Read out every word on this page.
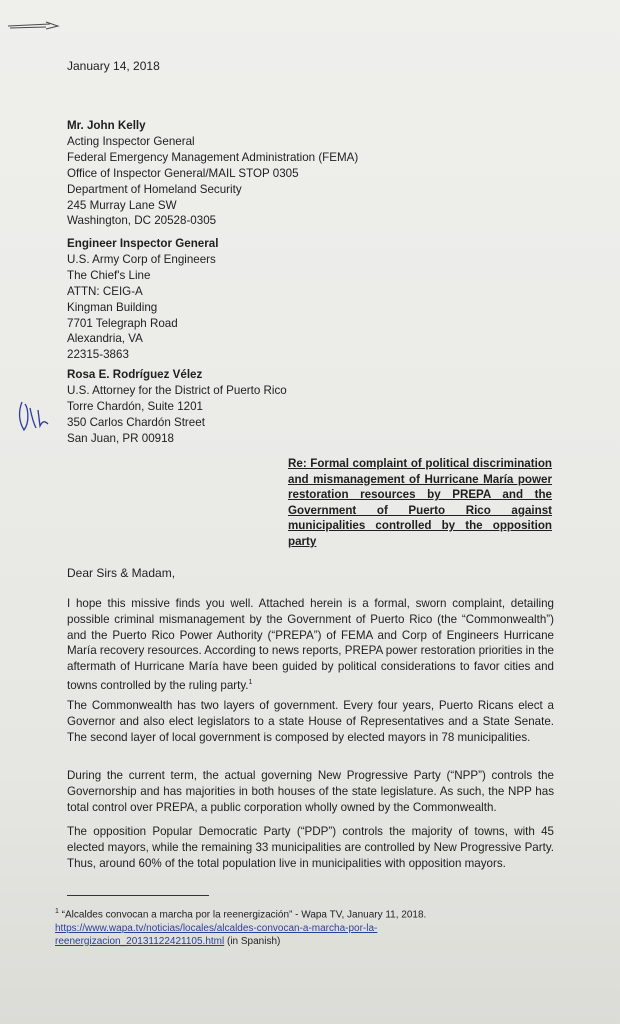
January 14, 2018
Mr. John Kelly
Acting Inspector General
Federal Emergency Management Administration (FEMA)
Office of Inspector General/MAIL STOP 0305
Department of Homeland Security
245 Murray Lane SW
Washington, DC 20528-0305
Engineer Inspector General
U.S. Army Corp of Engineers
The Chief's Line
ATTN: CEIG-A
Kingman Building
7701 Telegraph Road
Alexandria, VA
22315-3863
Rosa E. Rodríguez Vélez
U.S. Attorney for the District of Puerto Rico
Torre Chardón, Suite 1201
350 Carlos Chardón Street
San Juan, PR 00918
Re: Formal complaint of political discrimination and mismanagement of Hurricane María power restoration resources by PREPA and the Government of Puerto Rico against municipalities controlled by the opposition party
Dear Sirs & Madam,
I hope this missive finds you well. Attached herein is a formal, sworn complaint, detailing possible criminal mismanagement by the Government of Puerto Rico (the “Commonwealth”) and the Puerto Rico Power Authority (“PREPA”) of FEMA and Corp of Engineers Hurricane María recovery resources. According to news reports, PREPA power restoration priorities in the aftermath of Hurricane María have been guided by political considerations to favor cities and towns controlled by the ruling party.$^1$
The Commonwealth has two layers of government. Every four years, Puerto Ricans elect a Governor and also elect legislators to a state House of Representatives and a State Senate. The second layer of local government is composed by elected mayors in 78 municipalities.
During the current term, the actual governing New Progressive Party (“NPP”) controls the Governorship and has majorities in both houses of the state legislature. As such, the NPP has total control over PREPA, a public corporation wholly owned by the Commonwealth.
The opposition Popular Democratic Party (“PDP”) controls the majority of towns, with 45 elected mayors, while the remaining 33 municipalities are controlled by New Progressive Party. Thus, around 60% of the total population live in municipalities with opposition mayors.
$^1$ “Alcaldes convocan a marcha por la reenergización” - Wapa TV, January 11, 2018.
https://www.wapa.tv/noticias/locales/alcaldes-convocan-a-marcha-por-la-reenergizacion_20131122421105.html (in Spanish)
